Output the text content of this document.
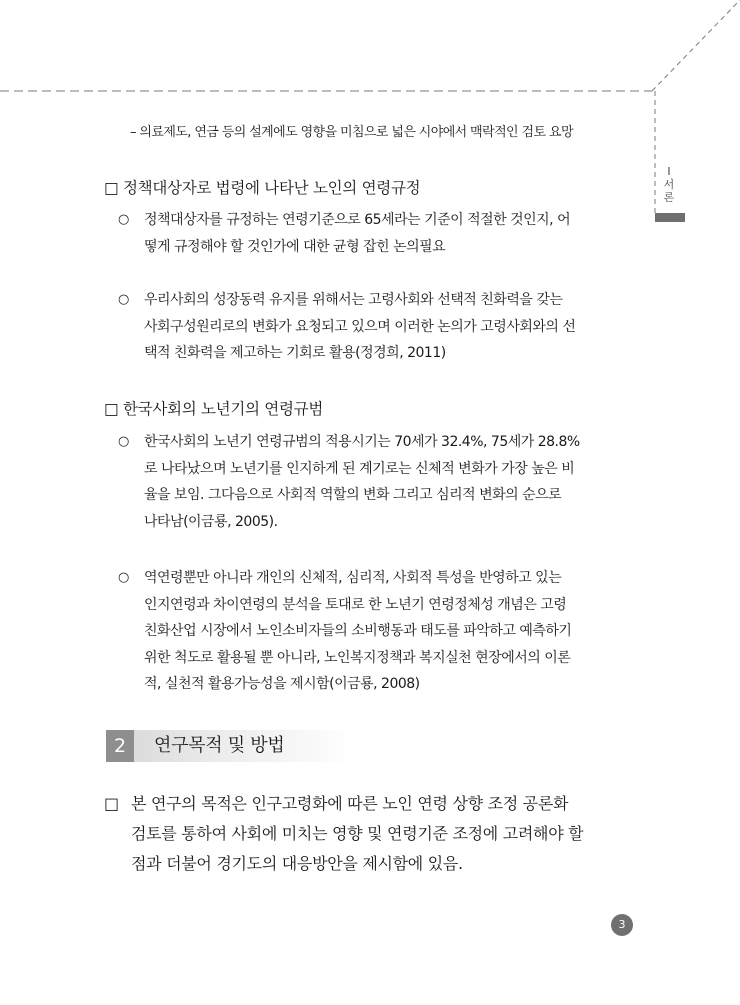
Ⅰ
서
론
– 의료제도, 연금 등의 설계에도 영향을 미침으로 넓은 시야에서 맥락적인 검토 요망
□ 정책대상자로 법령에 나타난 노인의 연령규정
○	정책대상자를 규정하는 연령기준으로 65세라는 기준이 적절한 것인지, 어
떻게 규정해야 할 것인가에 대한 균형 잡힌 논의필요
○	우리사회의 성장동력 유지를 위해서는 고령사회와 선택적 친화력을 갖는
사회구성원리로의 변화가 요청되고 있으며 이러한 논의가 고령사회와의 선
택적 친화력을 제고하는 기회로 활용(정경희, 2011)
□ 한국사회의 노년기의 연령규범
○	한국사회의 노년기 연령규범의 적용시기는 70세가 32.4%, 75세가 28.8%
로 나타났으며 노년기를 인지하게 된 계기로는 신체적 변화가 가장 높은 비
율을 보임. 그다음으로 사회적 역할의 변화 그리고 심리적 변화의 순으로
나타남(이금룡, 2005).
○	역연령뿐만 아니라 개인의 신체적, 심리적, 사회적 특성을 반영하고 있는
인지연령과 차이연령의 분석을 토대로 한 노년기 연령정체성 개념은 고령
친화산업 시장에서 노인소비자들의 소비행동과 태도를 파악하고 예측하기
위한 척도로 활용될 뿐 아니라, 노인복지정책과 복지실천 현장에서의 이론
적, 실천적 활용가능성을 제시함(이금룡, 2008)
2	연구목적 및 방법
□ 본 연구의 목적은 인구고령화에 따른 노인 연령 상향 조정 공론화
검토를 통하여 사회에 미치는 영향 및 연령기준 조정에 고려해야 할
점과 더불어 경기도의 대응방안을 제시함에 있음.
3
